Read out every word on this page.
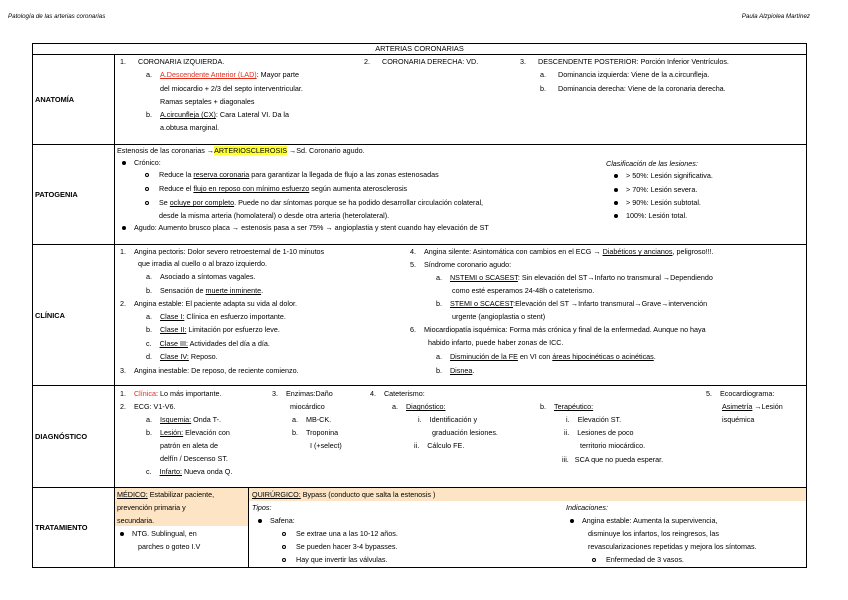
Patología de las arterias coronarias	Paula Alzpiolea Martínez
ARTERIAS CORONARIAS
ANATOMÍA
PATOGENIA
CLÍNICA
DIAGNÓSTICO
TRATAMIENTO
1. CORONARIA IZQUIERDA.
a. A.Descendente Anterior (LAD): Mayor parte
del miocardio + 2/3 del septo interventricular.
Ramas septales + diagonales
b. A.circunfleja (CX): Cara Lateral VI. Da la
a.obtusa marginal.
2. CORONARIA DERECHA: VD.	3. DESCENDENTE POSTERIOR: Porción Inferior Ventrículos.
a. Dominancia izquierda: Viene de la a.circunfleja.
b. Dominancia derecha: Viene de la coronaria derecha.
Estenosis de las coronarias →ARTERIOSCLEROSIS →Sd. Coronario agudo.
Crónico:
Reduce la reserva coronaria para garantizar la llegada de flujo a las zonas estenosadas
Reduce el flujo en reposo con mínimo esfuerzo según aumenta aterosclerosis
Se ocluye por completo. Puede no dar síntomas porque se ha podido desarrollar circulación colateral,
desde la misma arteria (homolateral) o desde otra arteria (heterolateral).
Agudo: Aumento brusco placa → estenosis pasa a ser 75% → angioplastia y stent cuando hay elevación de ST
Clasificación de las lesiones:
> 50%: Lesión significativa.
> 70%: Lesión severa.
> 90%: Lesión subtotal.
100%: Lesión total.
1.    Angina pectoris: Dolor severo retroesternal de 1-10 minutos
que irradia al cuello o al brazo izquierdo.
a.    Asociado a síntomas vagales.
b.    Sensación de muerte inminente.
2.    Angina estable: El paciente adapta su vida al dolor.
a.    Clase I: Clínica en esfuerzo importante.
b.    Clase II: Limitación por esfuerzo leve.
c.    Clase III: Actividades del día a día.
d.    Clase IV: Reposo.
3.    Angina inestable: De reposo, de reciente comienzo.
4.    Angina silente: Asintomática con cambios en el ECG → Diabéticos y ancianos, peligroso!!!.
5.    Síndrome coronario agudo:
a.    NSTEMI o SCASEST: Sin elevación del ST→Infarto no transmural →Dependiendo
como esté esperamos 24-48h o cateterismo.
b.    STEMI o SCACEST:Elevación del ST →Infarto transmural→Grave→intervención
urgente (angioplastia o stent)
6.    Miocardiopatía isquémica: Forma más crónica y final de la enfermedad. Aunque no haya
habido infarto, puede haber zonas de ICC.
a.    Disminución de la FE en VI con áreas hipocinéticas o acinéticas.
b.    Disnea.
1.    Clínica: Lo más importante.
2.    ECG: V1-V6.
a.    Isquemia: Onda T-.
b.    Lesión: Elevación con
patrón en aleta de
delfín / Descenso ST.
c.    Infarto: Nueva onda Q.
3.    Enzimas:Daño
miocárdico
a.    MB-CK.
b.    Troponina
I (+select)
4.    Cateterismo:
a.    Diagnóstico:
i.    Identificación y
graduación lesiones.
ii.    Cálculo FE.
b.    Terapéutico:
i.    Elevación ST.
ii.    Lesiones de poco
territorio miocárdico.
iii.   SCA que no pueda esperar.
5.    Ecocardiograma:
Asimetría →Lesión
isquémica
MÉDICO: Estabilizar paciente,
prevención primaria y
secundaria.
NTG. Sublingual, en
parches o goteo I.V
QUIRÚRGICO: Bypass (conducto que salta la estenosis )
Tipos:
Safena:
Se extrae una a las 10-12 años.
Se pueden hacer 3-4 bypasses.
Hay que invertir las válvulas.
Indicaciones:
Angina estable: Aumenta la supervivencia,
disminuye los infartos, los reingresos, las
revascularizaciones repetidas y mejora los síntomas.
Enfermedad de 3 vasos.
